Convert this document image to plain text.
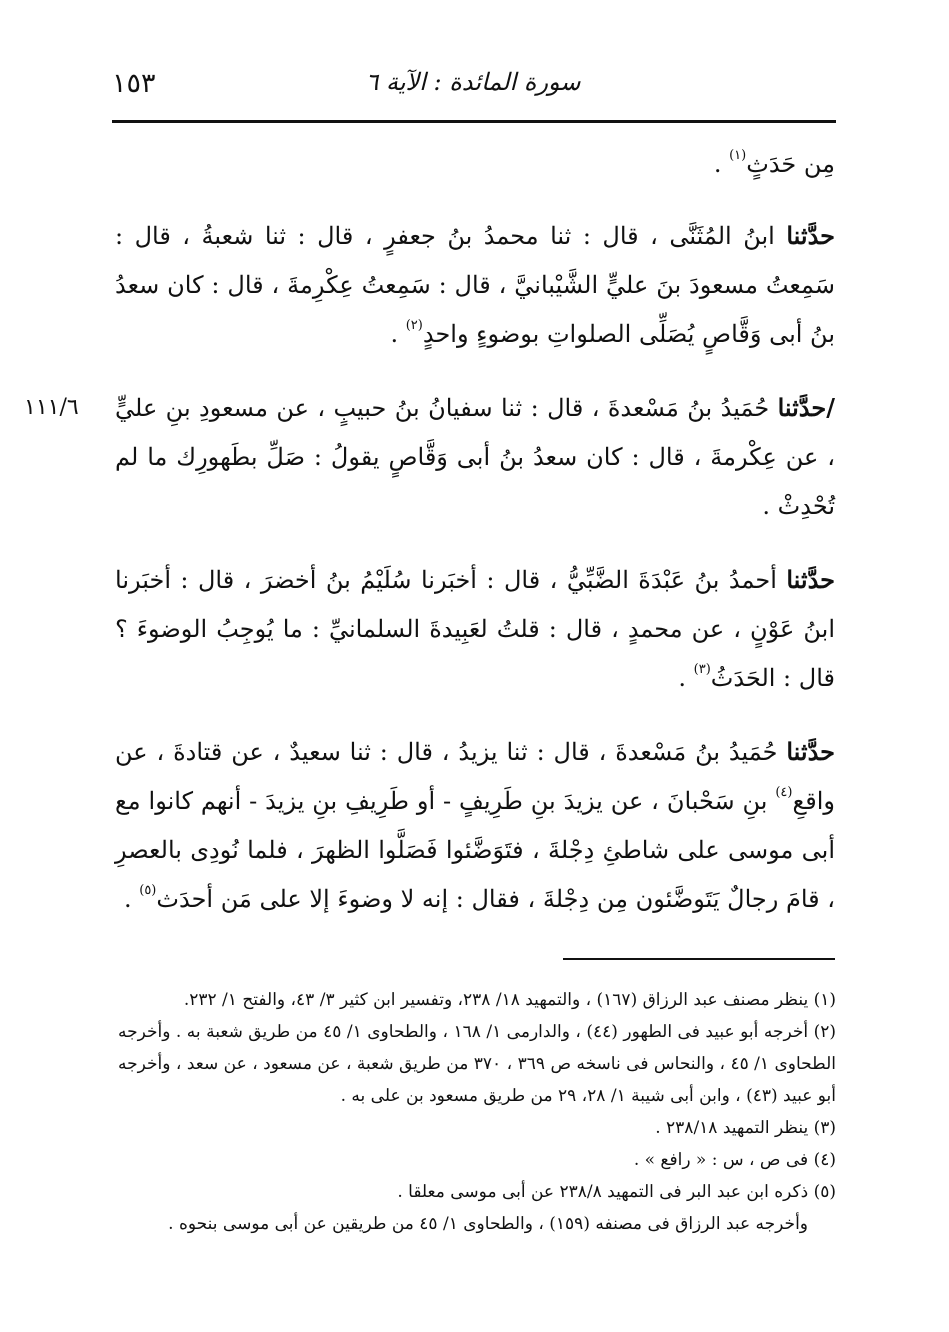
سورة المائدة : الآية ٦
١٥٣
١١١/٦

مِن حَدَثٍ$^{(١)}$ .

حدَّثنا ابنُ المُثَنَّى ، قال : ثنا محمدُ بنُ جعفرٍ ، قال : ثنا شعبةُ ، قال : سَمِعتُ مسعودَ بنَ عليٍّ الشَّيْبانيَّ ، قال : سَمِعتُ عِكْرِمةَ ، قال : كان سعدُ بنُ أبى وَقَّاصٍ يُصَلِّى الصلواتِ بوضوءٍ واحدٍ$^{(٢)}$ .

/حدَّثنا حُمَيدُ بنُ مَسْعدةَ ، قال : ثنا سفيانُ بنُ حبيبٍ ، عن مسعودِ بنِ عليٍّ ، عن عِكْرمةَ ، قال : كان سعدُ بنُ أبى وَقَّاصٍ يقولُ : صَلِّ بطَهورِك ما لم تُحْدِثْ .

حدَّثنا أحمدُ بنُ عَبْدَةَ الضَّبِّيُّ ، قال : أخبَرنا سُلَيْمُ بنُ أخضرَ ، قال : أخبَرنا ابنُ عَوْنٍ ، عن محمدٍ ، قال : قلتُ لعَبِيدةَ السلمانيِّ : ما يُوجِبُ الوضوءَ ؟ قال : الحَدَثُ$^{(٣)}$ .

حدَّثنا حُمَيدُ بنُ مَسْعدةَ ، قال : ثنا يزيدُ ، قال : ثنا سعيدٌ ، عن قتادةَ ، عن واقعِ$^{(٤)}$ بنِ سَحْبانَ ، عن يزيدَ بنِ طَرِيفٍ - أو طَرِيفِ بنِ يزيدَ - أنهم كانوا مع أبى موسى على شاطئِ دِجْلةَ ، فتَوَضَّئوا فَصَلَّوا الظهرَ ، فلما نُودِى بالعصرِ ، قامَ رجالٌ يَتَوضَّئون مِن دِجْلةَ ، فقال : إنه لا وضوءَ إلا على مَن أحدَث$^{(٥)}$ .

(١) ينظر مصنف عبد الرزاق (١٦٧) ، والتمهيد ١٨/ ٢٣٨، وتفسير ابن كثير ٣/ ٤٣، والفتح ١/ ٢٣٢.
(٢) أخرجه أبو عبيد فى الطهور (٤٤) ، والدارمى ١/ ١٦٨ ، والطحاوى ١/ ٤٥ من طريق شعبة به . وأخرجه الطحاوى ١/ ٤٥ ، والنحاس فى ناسخه ص ٣٦٩ ، ٣٧٠ من طريق شعبة ، عن مسعود ، عن سعد ، وأخرجه أبو عبيد (٤٣) ، وابن أبى شيبة ١/ ٢٨، ٢٩ من طريق مسعود بن على به .
(٣) ينظر التمهيد ٢٣٨/١٨ .
(٤) فى ص ، س : « رافع » .
(٥) ذكره ابن عبد البر فى التمهيد ٢٣٨/٨ عن أبى موسى معلقا .
وأخرجه عبد الرزاق فى مصنفه (١٥٩) ، والطحاوى ١/ ٤٥ من طريقين عن أبى موسى بنحوه .
